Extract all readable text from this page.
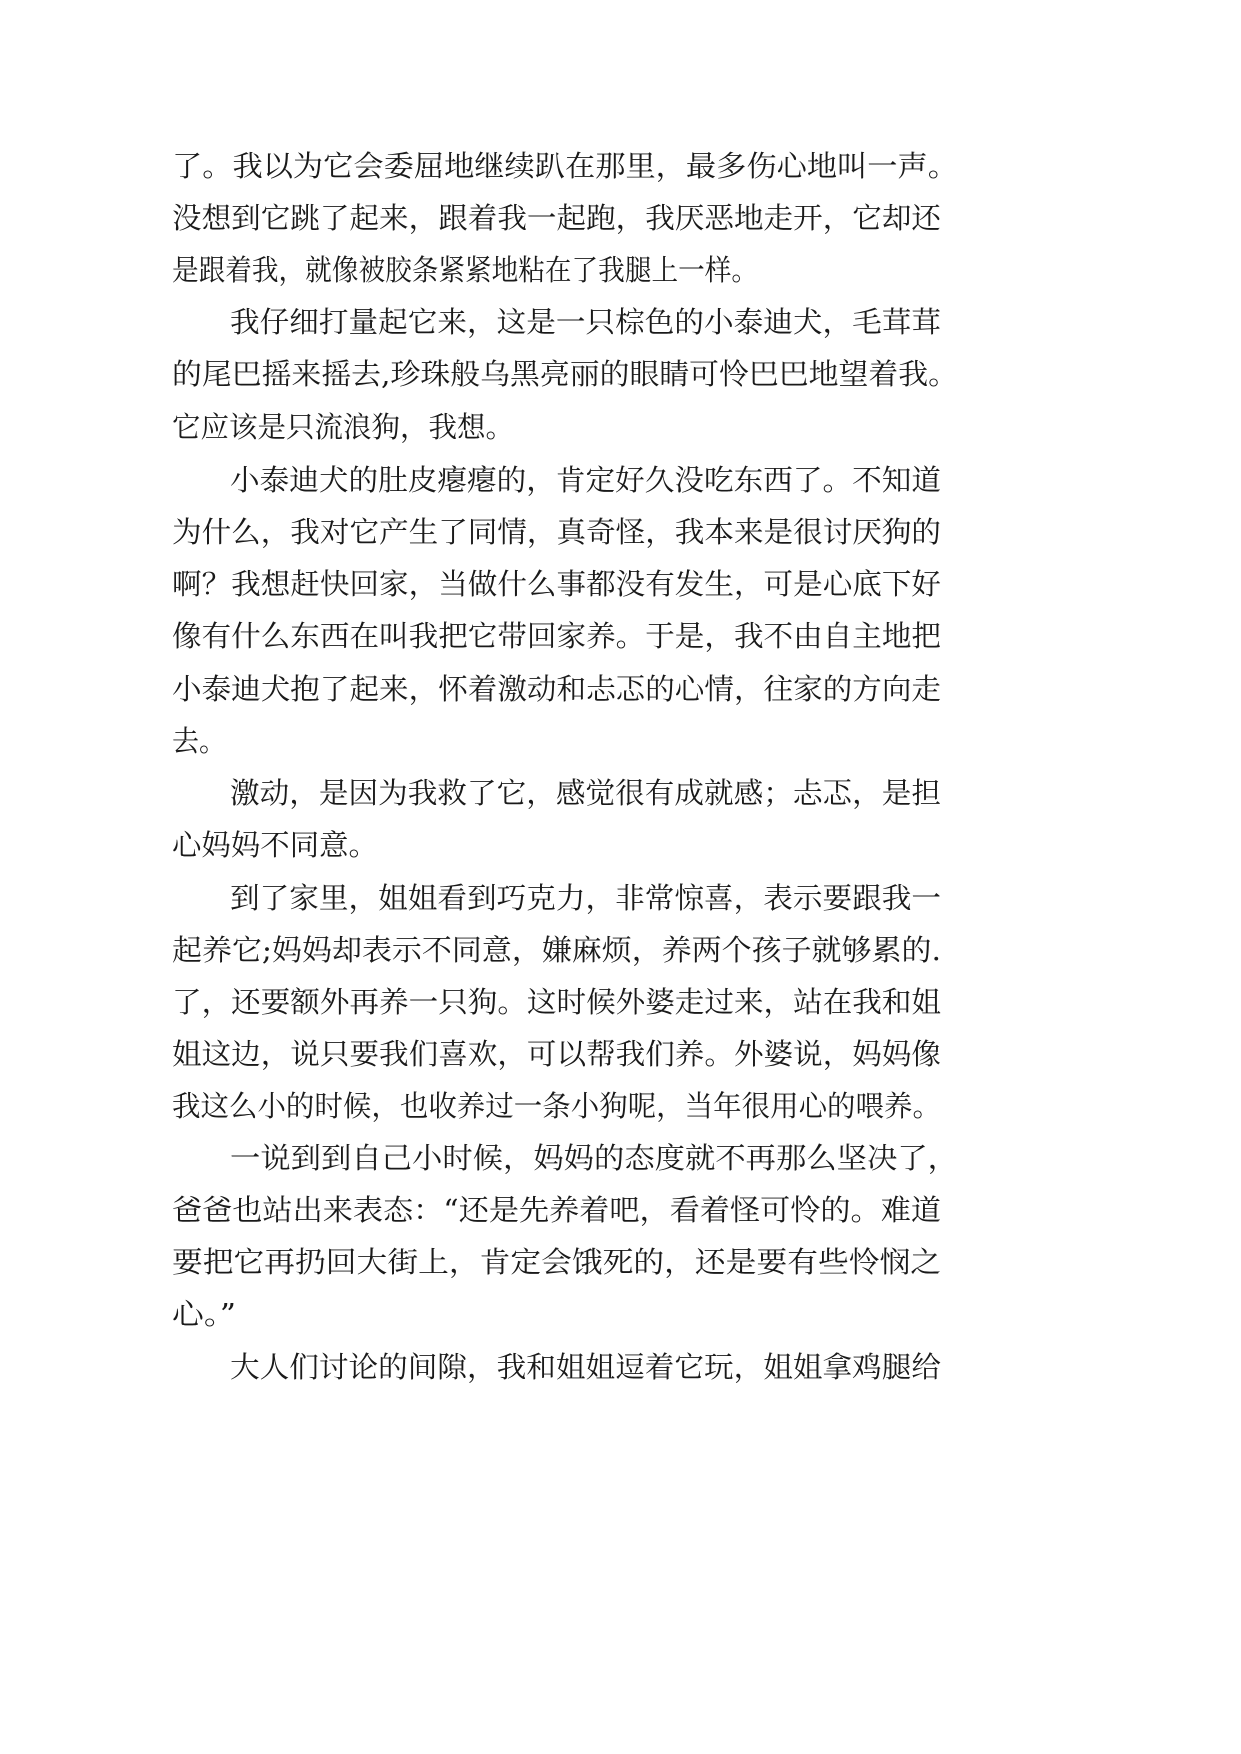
了。我以为它会委屈地继续趴在那里，最多伤心地叫一声。

没想到它跳了起来，跟着我一起跑，我厌恶地走开，它却还

是跟着我，就像被胶条紧紧地粘在了我腿上一样。

我仔细打量起它来，这是一只棕色的小泰迪犬，毛茸茸

的尾巴摇来摇去,珍珠般乌黑亮丽的眼睛可怜巴巴地望着我。

它应该是只流浪狗，我想。

小泰迪犬的肚皮瘪瘪的，肯定好久没吃东西了。不知道

为什么，我对它产生了同情，真奇怪，我本来是很讨厌狗的

啊？我想赶快回家，当做什么事都没有发生，可是心底下好

像有什么东西在叫我把它带回家养。于是，我不由自主地把

小泰迪犬抱了起来，怀着激动和忐忑的心情，往家的方向走

去。

激动，是因为我救了它，感觉很有成就感；忐忑，是担

心妈妈不同意。

到了家里，姐姐看到巧克力，非常惊喜，表示要跟我一

起养它;妈妈却表示不同意，嫌麻烦，养两个孩子就够累的.

了，还要额外再养一只狗。这时候外婆走过来，站在我和姐

姐这边，说只要我们喜欢，可以帮我们养。外婆说，妈妈像

我这么小的时候，也收养过一条小狗呢，当年很用心的喂养。

一说到到自己小时候，妈妈的态度就不再那么坚决了，

爸爸也站出来表态：“还是先养着吧，看着怪可怜的。难道

要把它再扔回大街上，肯定会饿死的，还是要有些怜悯之

心。”

大人们讨论的间隙，我和姐姐逗着它玩，姐姐拿鸡腿给
